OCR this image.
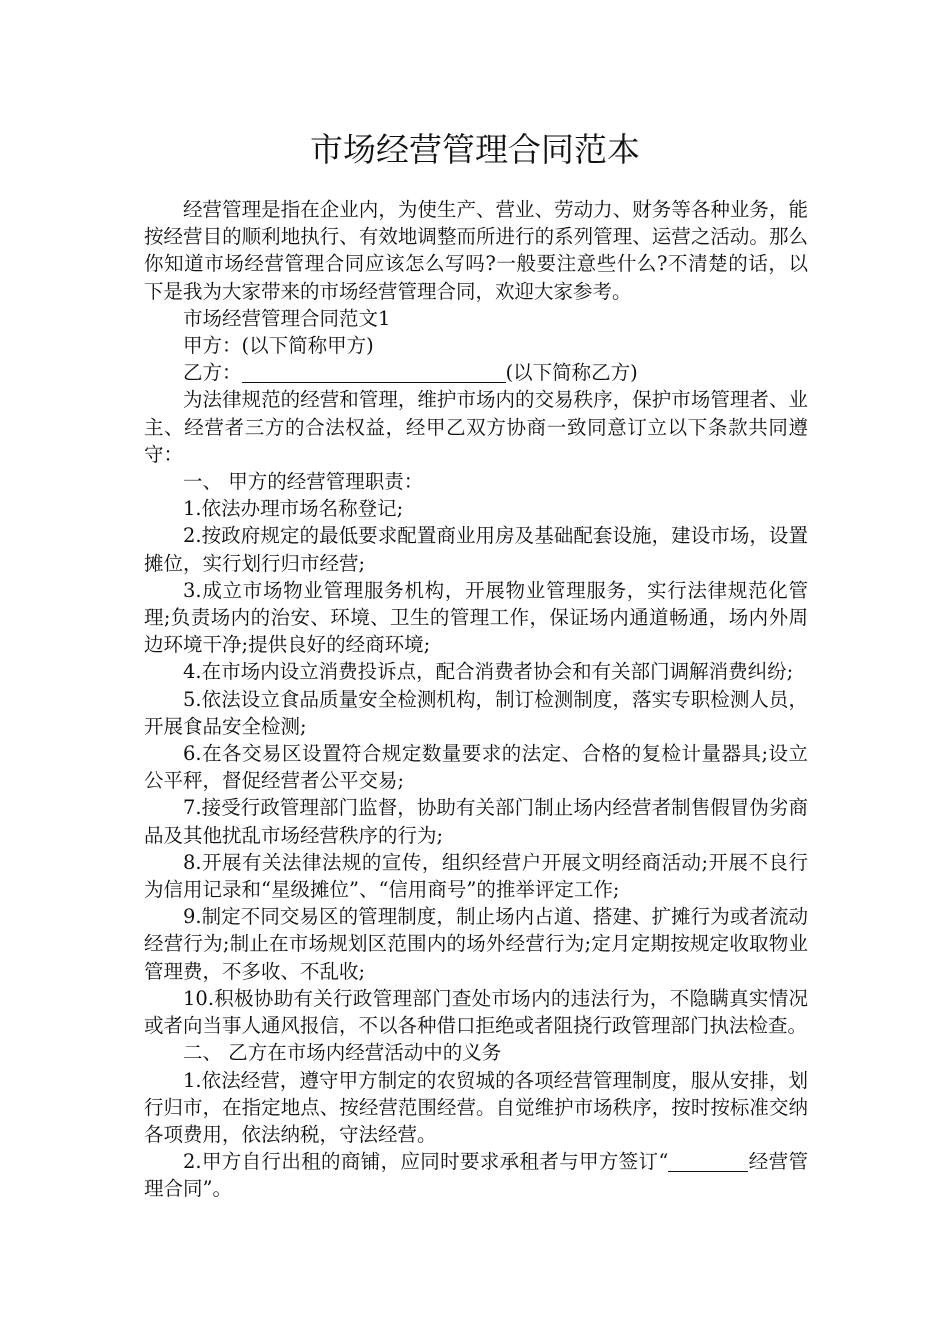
市场经营管理合同范本

经营管理是指在企业内，为使生产、营业、劳动力、财务等各种业务，能按经营目的顺利地执行、有效地调整而所进行的系列管理、运营之活动。那么你知道市场经营管理合同应该怎么写吗?一般要注意些什么?不清楚的话，以下是我为大家带来的市场经营管理合同，欢迎大家参考。

市场经营管理合同范文1

甲方：(以下简称甲方)

乙方：	(以下简称乙方)

为法律规范的经营和管理，维护市场内的交易秩序，保护市场管理者、业主、经营者三方的合法权益，经甲乙双方协商一致同意订立以下条款共同遵守：

一、 甲方的经营管理职责：

1.依法办理市场名称登记;

2.按政府规定的最低要求配置商业用房及基础配套设施，建设市场，设置摊位，实行划行归市经营;

3.成立市场物业管理服务机构，开展物业管理服务，实行法律规范化管理;负责场内的治安、环境、卫生的管理工作，保证场内通道畅通，场内外周边环境干净;提供良好的经商环境;

4.在市场内设立消费投诉点，配合消费者协会和有关部门调解消费纠纷;

5.依法设立食品质量安全检测机构，制订检测制度，落实专职检测人员，开展食品安全检测;

6.在各交易区设置符合规定数量要求的法定、合格的复检计量器具;设立公平秤，督促经营者公平交易;

7.接受行政管理部门监督，协助有关部门制止场内经营者制售假冒伪劣商品及其他扰乱市场经营秩序的行为;

8.开展有关法律法规的宣传，组织经营户开展文明经商活动;开展不良行为信用记录和“星级摊位”、“信用商号”的推举评定工作;

9.制定不同交易区的管理制度，制止场内占道、搭建、扩摊行为或者流动经营行为;制止在市场规划区范围内的场外经营行为;定月定期按规定收取物业管理费，不多收、不乱收;

10.积极协助有关行政管理部门查处市场内的违法行为，不隐瞒真实情况或者向当事人通风报信，不以各种借口拒绝或者阻挠行政管理部门执法检查。

二、 乙方在市场内经营活动中的义务

1.依法经营，遵守甲方制定的农贸城的各项经营管理制度，服从安排，划行归市，在指定地点、按经营范围经营。自觉维护市场秩序，按时按标准交纳各项费用，依法纳税，守法经营。

2.甲方自行出租的商铺，应同时要求承租者与甲方签订“	经营管理合同”。
